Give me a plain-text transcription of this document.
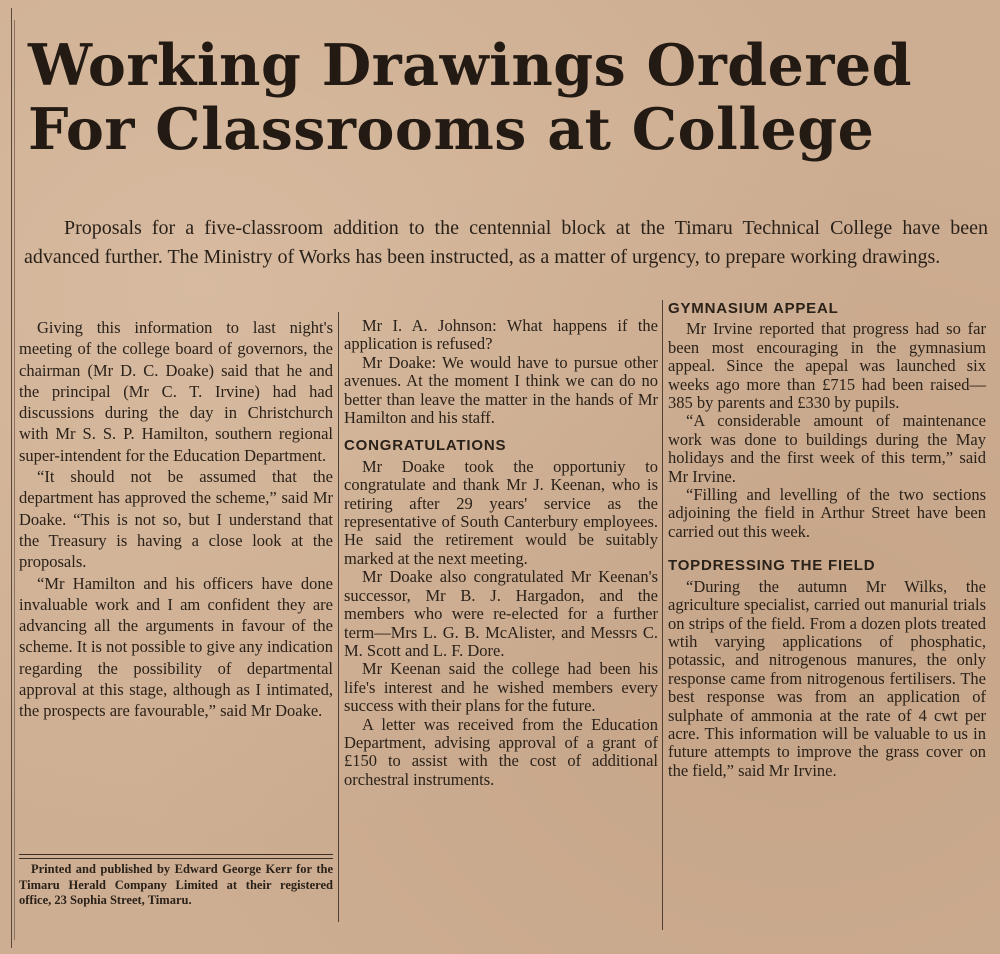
Working Drawings Ordered
For Classrooms at College
Proposals for a five-classroom addition to the centennial block at the Timaru Technical College have been advanced further. The Ministry of Works has been instructed, as a matter of urgency, to prepare working drawings.

Giving this information to last night's meeting of the college board of governors, the chairman (Mr D. C. Doake) said that he and the principal (Mr C. T. Irvine) had had discussions during the day in Christchurch with Mr S. S. P. Hamilton, southern regional super-intendent for the Education Department.

“It should not be assumed that the department has approved the scheme,” said Mr Doake. “This is not so, but I understand that the Treasury is having a close look at the proposals.

“Mr Hamilton and his officers have done invaluable work and I am confident they are advancing all the arguments in favour of the scheme. It is not possible to give any indication regarding the possibility of departmental approval at this stage, although as I intimated, the prospects are favourable,” said Mr Doake.

Printed and published by Edward George Kerr for the Timaru Herald Company Limited at their registered office, 23 Sophia Street, Timaru.

Mr I. A. Johnson: What happens if the application is refused?

Mr Doake: We would have to pursue other avenues. At the moment I think we can do no better than leave the matter in the hands of Mr Hamilton and his staff.

CONGRATULATIONS

Mr Doake took the opportuniy to congratulate and thank Mr J. Keenan, who is retiring after 29 years' service as the representative of South Canterbury employees. He said the retirement would be suitably marked at the next meeting.

Mr Doake also congratulated Mr Keenan's successor, Mr B. J. Hargadon, and the members who were re-elected for a further term—Mrs L. G. B. McAlister, and Messrs C. M. Scott and L. F. Dore.

Mr Keenan said the college had been his life's interest and he wished members every success with their plans for the future.

A letter was received from the Education Department, advising approval of a grant of £150 to assist with the cost of additional orchestral instruments.

GYMNASIUM APPEAL

Mr Irvine reported that progress had so far been most encouraging in the gymnasium appeal. Since the apepal was launched six weeks ago more than £715 had been raised—385 by parents and £330 by pupils.

“A considerable amount of maintenance work was done to buildings during the May holidays and the first week of this term,” said Mr Irvine.

“Filling and levelling of the two sections adjoining the field in Arthur Street have been carried out this week.

TOPDRESSING THE FIELD

“During the autumn Mr Wilks, the agriculture specialist, carried out manurial trials on strips of the field. From a dozen plots treated wtih varying applications of phosphatic, potassic, and nitrogenous manures, the only response came from nitrogenous fertilisers. The best response was from an application of sulphate of ammonia at the rate of 4 cwt per acre. This information will be valuable to us in future attempts to improve the grass cover on the field,” said Mr Irvine.
